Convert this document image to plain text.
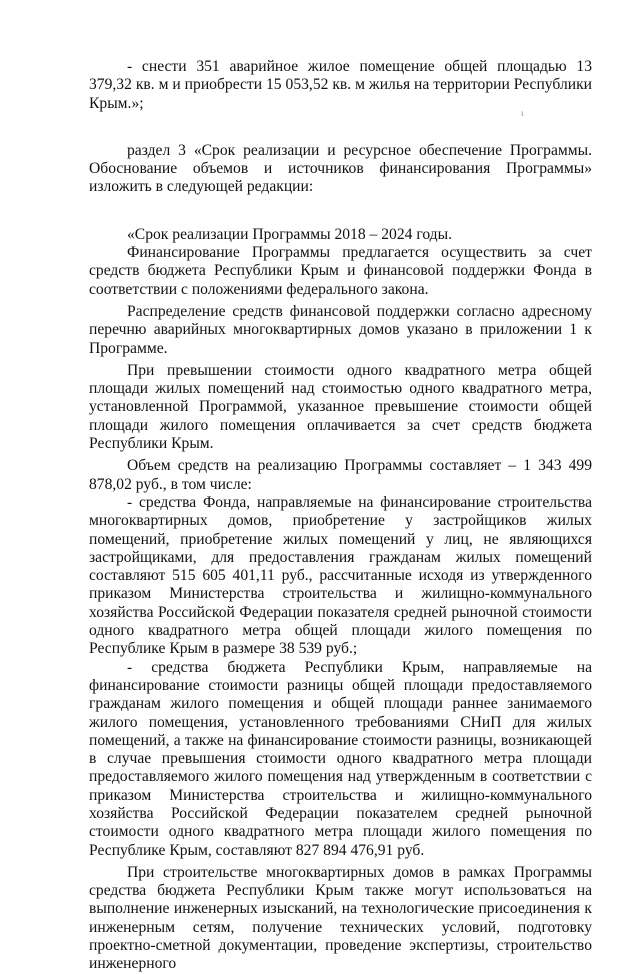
ι

- снести 351 аварийное жилое помещение общей площадью 13 379,32 кв. м и приобрести 15 053,52 кв. м жилья на территории Республики Крым.»;

раздел 3 «Срок реализации и ресурсное обеспечение Программы. Обоснование объемов и источников финансирования Программы» изложить в следующей редакции:

«Срок реализации Программы 2018 – 2024 годы.

Финансирование Программы предлагается осуществить за счет средств бюджета Республики Крым и финансовой поддержки Фонда в соответствии с положениями федерального закона.

Распределение средств финансовой поддержки согласно адресному перечню аварийных многоквартирных домов указано в приложении 1 к Программе.

При превышении стоимости одного квадратного метра общей площади жилых помещений над стоимостью одного квадратного метра, установленной Программой, указанное превышение стоимости общей площади жилого помещения оплачивается за счет средств бюджета Республики Крым.

Объем средств на реализацию Программы составляет – 1 343 499 878,02 руб., в том числе:

- средства Фонда, направляемые на финансирование строительства многоквартирных домов, приобретение у застройщиков жилых помещений, приобретение жилых помещений у лиц, не являющихся застройщиками, для предоставления гражданам жилых помещений составляют 515 605 401,11 руб., рассчитанные исходя из утвержденного приказом Министерства строительства и жилищно-коммунального хозяйства Российской Федерации показателя средней рыночной стоимости одного квадратного метра общей площади жилого помещения по Республике Крым в размере 38 539 руб.;

- средства бюджета Республики Крым, направляемые на финансирование стоимости разницы общей площади предоставляемого гражданам жилого помещения и общей площади раннее занимаемого жилого помещения, установленного требованиями СНиП для жилых помещений, а также на финансирование стоимости разницы, возникающей в случае превышения стоимости одного квадратного метра площади предоставляемого жилого помещения над утвержденным в соответствии с приказом Министерства строительства и жилищно-коммунального хозяйства Российской Федерации показателем средней рыночной стоимости одного квадратного метра площади жилого помещения по Республике Крым, составляют 827 894 476,91 руб.

При строительстве многоквартирных домов в рамках Программы средства бюджета Республики Крым также могут использоваться на выполнение инженерных изысканий, на технологические присоединения к инженерным сетям, получение технических условий, подготовку проектно-сметной документации, проведение экспертизы, строительство инженерного
